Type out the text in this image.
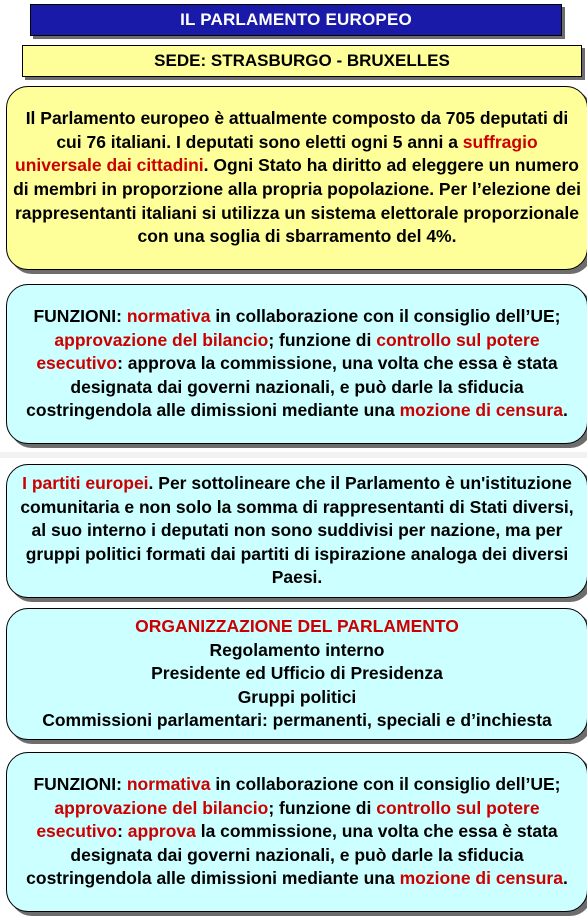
IL PARLAMENTO EUROPEO
SEDE: STRASBURGO - BRUXELLES

Il Parlamento europeo è attualmente composto da 705 deputati di cui 76 italiani. I deputati sono eletti ogni 5 anni a suffragio universale dai cittadini. Ogni Stato ha diritto ad eleggere un numero di membri in proporzione alla propria popolazione. Per l’elezione dei rappresentanti italiani si utilizza un sistema elettorale proporzionale con una soglia di sbarramento del 4%.

FUNZIONI: normativa in collaborazione con il consiglio dell’UE; approvazione del bilancio; funzione di controllo sul potere esecutivo: approva la commissione, una volta che essa è stata designata dai governi nazionali, e può darle la sfiducia costringendola alle dimissioni mediante una mozione di censura.

I partiti europei. Per sottolineare che il Parlamento è un'istituzione comunitaria e non solo la somma di rappresentanti di Stati diversi, al suo interno i deputati non sono suddivisi per nazione, ma per gruppi politici formati dai partiti di ispirazione analoga dei diversi Paesi.

ORGANIZZAZIONE DEL PARLAMENTO

Regolamento interno

Presidente ed Ufficio di Presidenza

Gruppi politici

Commissioni parlamentari: permanenti, speciali e d’inchiesta

FUNZIONI: normativa in collaborazione con il consiglio dell’UE; approvazione del bilancio; funzione di controllo sul potere esecutivo: approva la commissione, una volta che essa è stata designata dai governi nazionali, e può darle la sfiducia costringendola alle dimissioni mediante una mozione di censura.
